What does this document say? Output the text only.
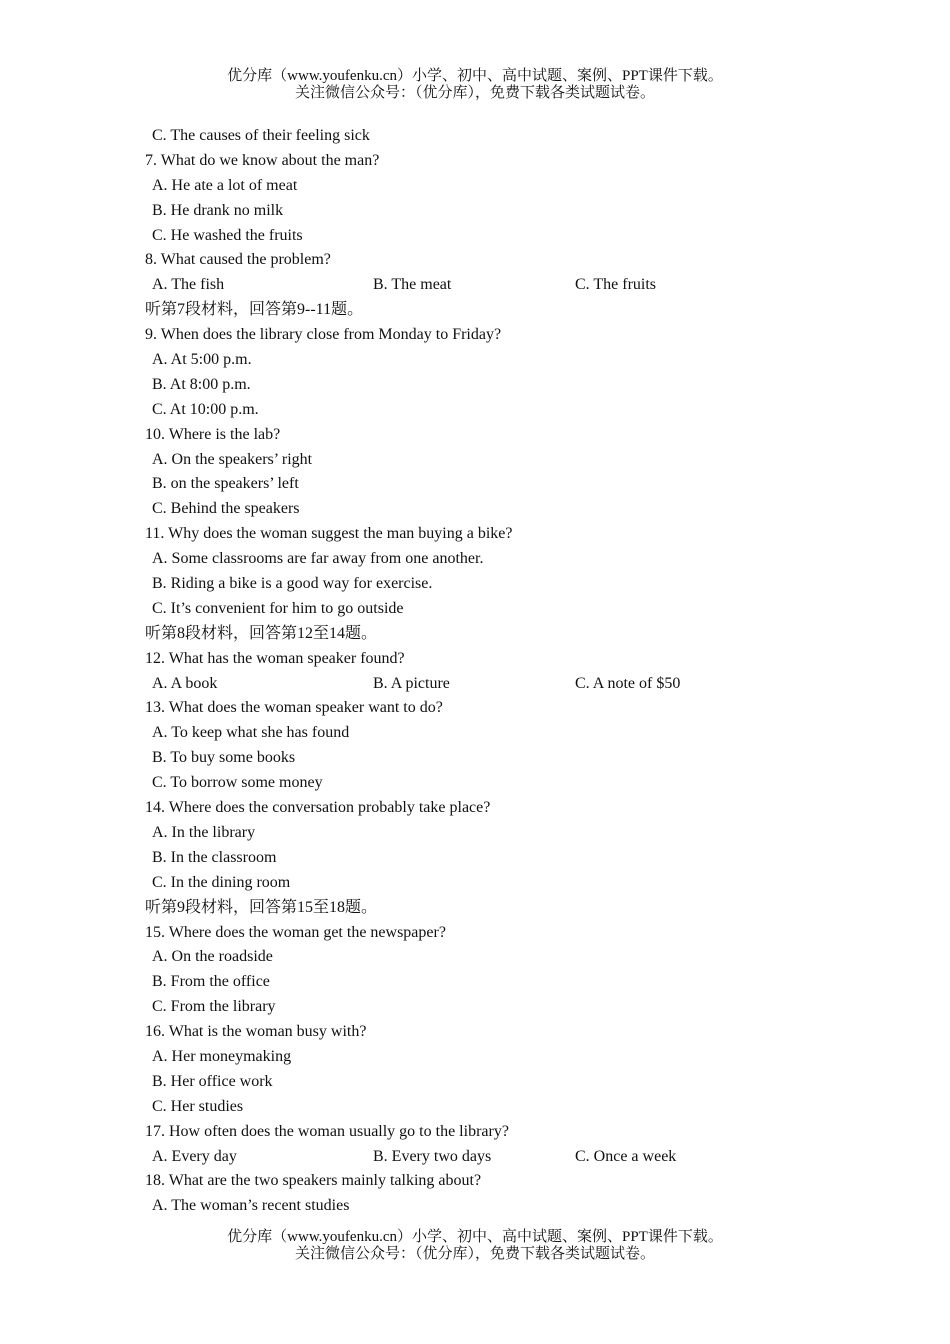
优分库（www.youfenku.cn）小学、初中、高中试题、案例、PPT课件下载。
关注微信公众号：（优分库），免费下载各类试题试卷。
C. The causes of their feeling sick
7. What do we know about the man?
A. He ate a lot of meat
B. He drank no milk
C. He washed the fruits
8. What caused the problem?
A. The fish	B. The meat	C. The fruits
听第7段材料，回答第9--11题。
9. When does the library close from Monday to Friday?
A. At 5:00 p.m.
B. At 8:00 p.m.
C. At 10:00 p.m.
10. Where is the lab?
A. On the speakers’ right
B. on the speakers’ left
C. Behind the speakers
11. Why does the woman suggest the man buying a bike?
A. Some classrooms are far away from one another.
B. Riding a bike is a good way for exercise.
C. It’s convenient for him to go outside
听第8段材料，回答第12至14题。
12. What has the woman speaker found?
A. A book	B. A picture	C. A note of $50
13. What does the woman speaker want to do?
A. To keep what she has found
B. To buy some books
C. To borrow some money
14. Where does the conversation probably take place?
A. In the library
B. In the classroom
C. In the dining room
听第9段材料，回答第15至18题。
15. Where does the woman get the newspaper?
A. On the roadside
B. From the office
C. From the library
16. What is the woman busy with?
A. Her moneymaking
B. Her office work
C. Her studies
17. How often does the woman usually go to the library?
A. Every day	B. Every two days	C. Once a week
18. What are the two speakers mainly talking about?
A. The woman’s recent studies
优分库（www.youfenku.cn）小学、初中、高中试题、案例、PPT课件下载。
关注微信公众号：（优分库），免费下载各类试题试卷。
